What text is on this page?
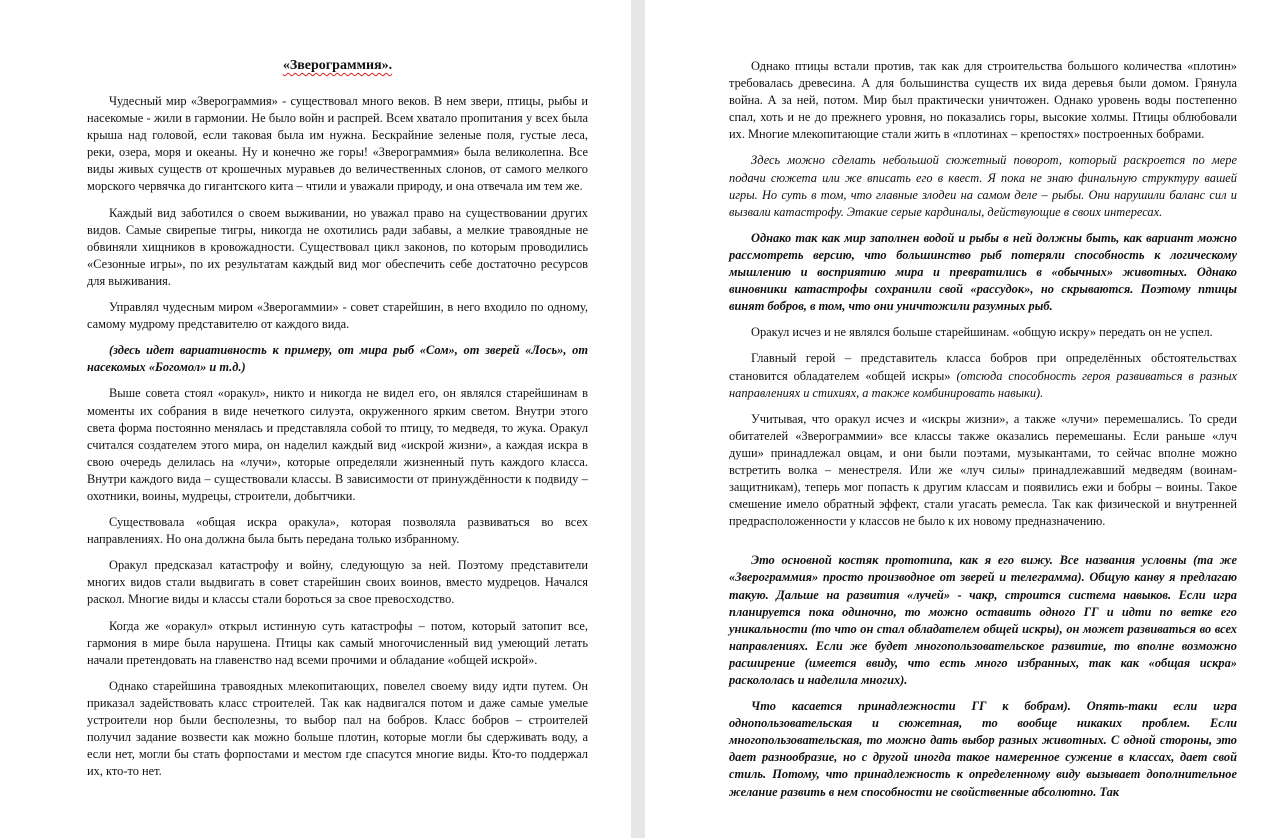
«Зверограммия».

Чудесный мир «Зверограммия» - существовал много веков. В нем звери, птицы, рыбы и насекомые - жили в гармонии. Не было войн и распрей. Всем хватало пропитания у всех была крыша над головой, если таковая была им нужна. Бескрайние зеленые поля, густые леса, реки, озера, моря и океаны. Ну и конечно же горы! «Зверограммия» была великолепна. Все виды живых существ от крошечных муравьев до величественных слонов, от самого мелкого морского червячка до гигантского кита – чтили и уважали природу, и она отвечала им тем же.

Каждый вид заботился о своем выживании, но уважал право на существовании других видов. Самые свирепые тигры, никогда не охотились ради забавы, а мелкие травоядные не обвиняли хищников в кровожадности. Существовал цикл законов, по которым проводились «Сезонные игры», по их результатам каждый вид мог обеспечить себе достаточно ресурсов для выживания.

Управлял чудесным миром «Зверогаммии» - совет старейшин, в него входило по одному, самому мудрому представителю от каждого вида.

(здесь идет вариативность к примеру, от мира рыб «Сом», от зверей «Лось», от насекомых «Богомол» и т.д.)

Выше совета стоял «оракул», никто и никогда не видел его, он являлся старейшинам в моменты их собрания в виде нечеткого силуэта, окруженного ярким светом. Внутри этого света форма постоянно менялась и представляла собой то птицу, то медведя, то жука. Оракул считался создателем этого мира, он наделил каждый вид «искрой жизни», а каждая искра в свою очередь делилась на «лучи», которые определяли жизненный путь каждого класса. Внутри каждого вида – существовали классы. В зависимости от принуждённости к подвиду – охотники, воины, мудрецы, строители, добытчики.

Существовала «общая искра оракула», которая позволяла развиваться во всех направлениях. Но она должна была быть передана только избранному.

Оракул предсказал катастрофу и войну, следующую за ней. Поэтому представители многих видов стали выдвигать в совет старейшин своих воинов, вместо мудрецов. Начался раскол. Многие виды и классы стали бороться за свое превосходство.

Когда же «оракул» открыл истинную суть катастрофы – потом, который затопит все, гармония в мире была нарушена. Птицы как самый многочисленный вид умеющий летать начали претендовать на главенство над всеми прочими и обладание «общей искрой».

Однако старейшина травоядных млекопитающих, повелел своему виду идти путем. Он приказал задействовать класс строителей. Так как надвигался потом и даже самые умелые устроители нор были бесполезны, то выбор пал на бобров. Класс бобров – строителей получил задание возвести как можно больше плотин, которые могли бы сдерживать воду, а если нет, могли бы стать форпостами и местом где спасутся многие виды. Кто-то поддержал их, кто-то нет.

Однако птицы встали против, так как для строительства большого количества «плотин» требовалась древесина. А для большинства существ их вида деревья были домом. Грянула война. А за ней, потом. Мир был практически уничтожен. Однако уровень воды постепенно спал, хоть и не до прежнего уровня, но показались горы, высокие холмы. Птицы облюбовали их. Многие млекопитающие стали жить в «плотинах – крепостях» построенных бобрами.

Здесь можно сделать небольшой сюжетный поворот, который раскроется по мере подачи сюжета или же вписать его в квест. Я пока не знаю финальную структуру вашей игры. Но суть в том, что главные злодеи на самом деле – рыбы. Они нарушили баланс сил и вызвали катастрофу. Этакие серые кардиналы, действующие в своих интересах.

Однако так как мир заполнен водой и рыбы в ней должны быть, как вариант можно рассмотреть версию, что большинство рыб потеряли способность к логическому мышлению и восприятию мира и превратились в «обычных» животных. Однако виновники катастрофы сохранили свой «рассудок», но скрываются. Поэтому птицы винят бобров, в том, что они уничтожили разумных рыб.

Оракул исчез и не являлся больше старейшинам. «общую искру» передать он не успел.

Главный герой – представитель класса бобров при определённых обстоятельствах становится обладателем «общей искры» (отсюда способность героя развиваться в разных направлениях и стихиях, а также комбинировать навыки).

Учитывая, что оракул исчез и «искры жизни», а также «лучи» перемешались. То среди обитателей «Зверограммии» все классы также оказались перемешаны. Если раньше «луч души» принадлежал овцам, и они были поэтами, музыкантами, то сейчас вполне можно встретить волка – менестреля. Или же «луч силы» принадлежавший медведям (воинам-защитникам), теперь мог попасть к другим классам и появились ежи и бобры – воины. Такое смешение имело обратный эффект, стали угасать ремесла. Так как физической и внутренней предрасположенности у классов не было к их новому предназначению.

Это основной костяк прототипа, как я его вижу. Все названия условны (та же «Зверограммия» просто производное от зверей и телеграмма). Общую канву я предлагаю такую. Дальше на развития «лучей» - чакр, строится система навыков. Если игра планируется пока одиночно, то можно оставить одного ГГ и идти по ветке его уникальности (то что он стал обладателем общей искры), он может развиваться во всех направлениях. Если же будет многопользовательское развитие, то вполне возможно расширение (имеется ввиду, что есть много избранных, так как «общая искра» раскололась и наделила многих).

Что касается принадлежности ГГ к бобрам). Опять-таки если игра однопользовательская и сюжетная, то вообще никаких проблем. Если многопользовательская, то можно дать выбор разных животных. С одной стороны, это дает разнообразие, но с другой иногда такое намеренное сужение в классах, дает свой стиль. Потому, что принадлежность к определенному виду вызывает дополнительное желание развить в нем способности не свойственные абсолютно. Так
